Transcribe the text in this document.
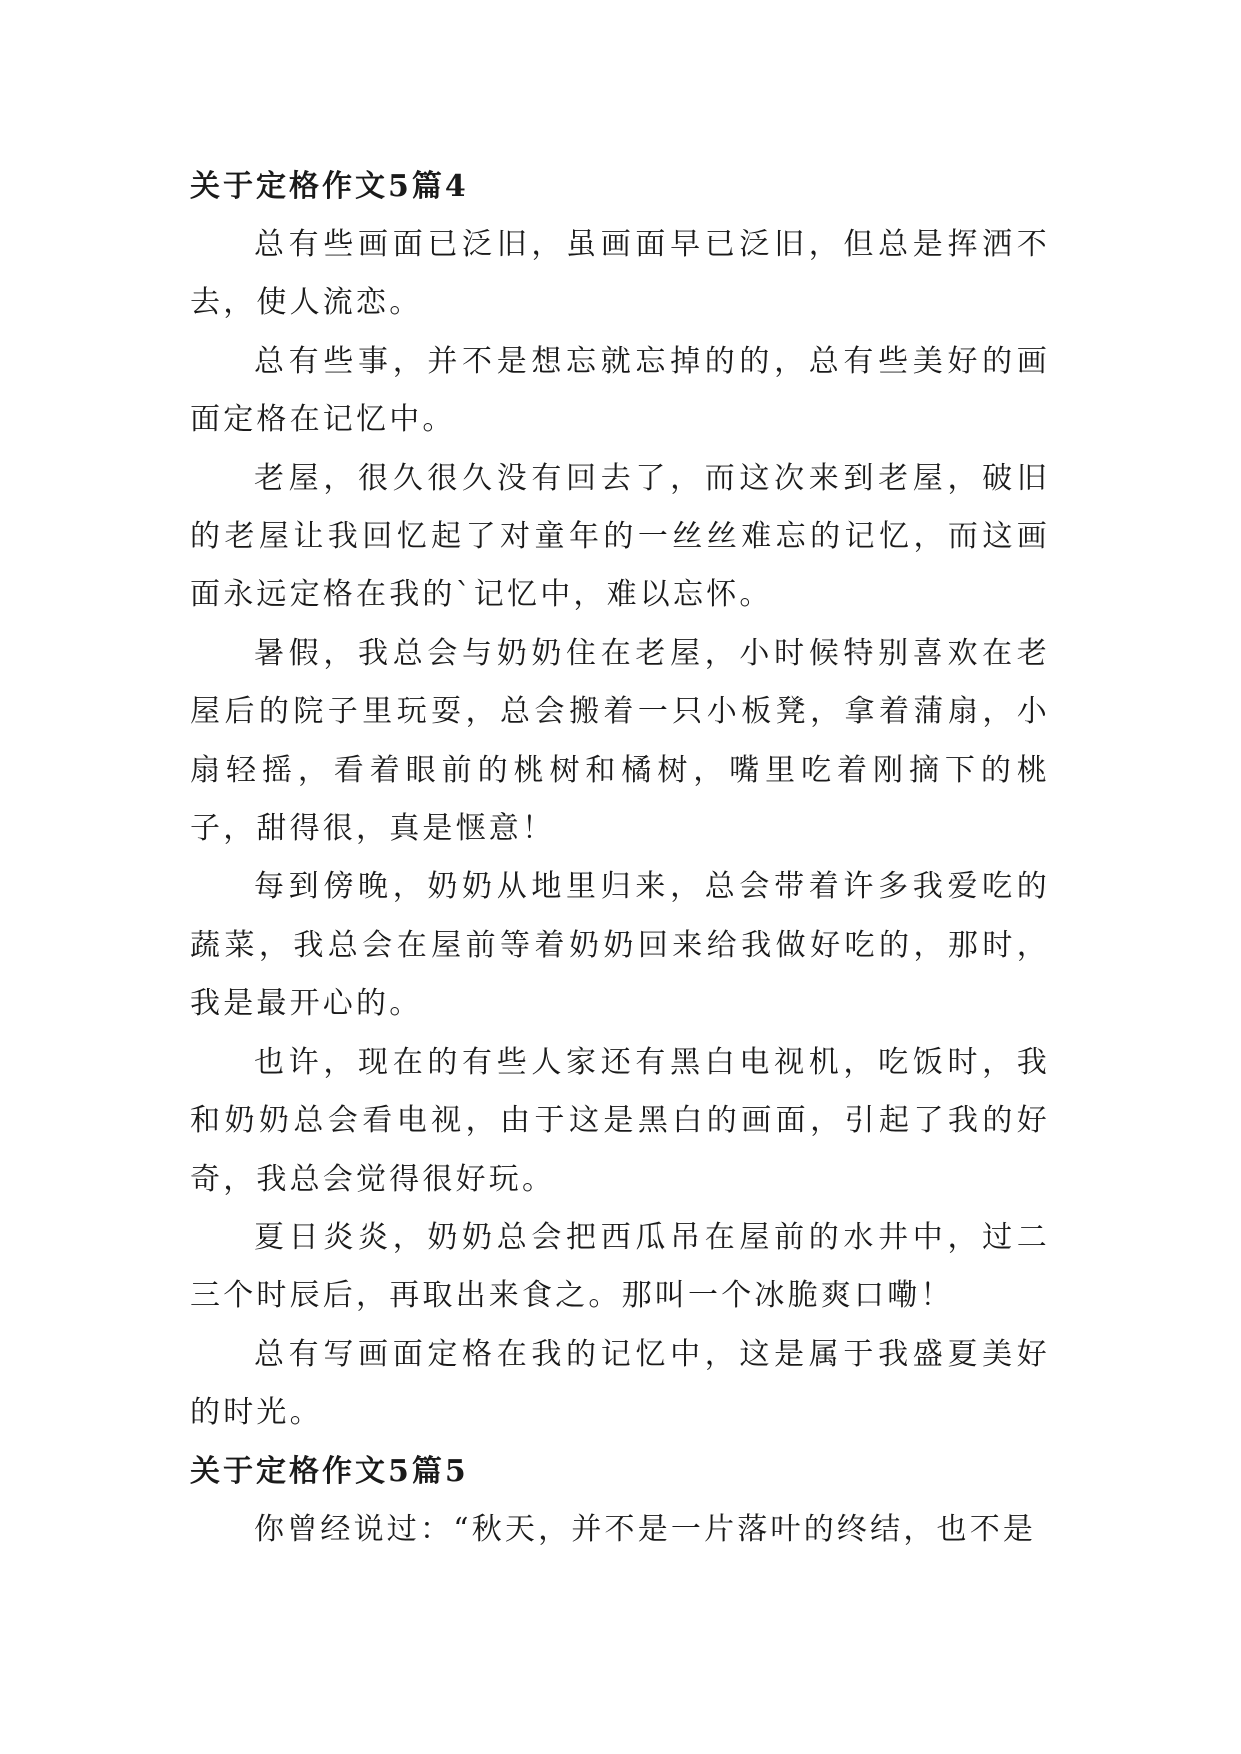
关于定格作文5篇4

总有些画面已泛旧，虽画面早已泛旧，但总是挥洒不去，使人流恋。

总有些事，并不是想忘就忘掉的的，总有些美好的画面定格在记忆中。

老屋，很久很久没有回去了，而这次来到老屋，破旧的老屋让我回忆起了对童年的一丝丝难忘的记忆，而这画面永远定格在我的`记忆中，难以忘怀。

暑假，我总会与奶奶住在老屋，小时候特别喜欢在老屋后的院子里玩耍，总会搬着一只小板凳，拿着蒲扇，小扇轻摇，看着眼前的桃树和橘树，嘴里吃着刚摘下的桃子，甜得很，真是惬意！

每到傍晚，奶奶从地里归来，总会带着许多我爱吃的蔬菜，我总会在屋前等着奶奶回来给我做好吃的，那时，我是最开心的。

也许，现在的有些人家还有黑白电视机，吃饭时，我和奶奶总会看电视，由于这是黑白的画面，引起了我的好奇，我总会觉得很好玩。

夏日炎炎，奶奶总会把西瓜吊在屋前的水井中，过二三个时辰后，再取出来食之。那叫一个冰脆爽口嘞！

总有写画面定格在我的记忆中，这是属于我盛夏美好的时光。

关于定格作文5篇5

你曾经说过：“秋天，并不是一片落叶的终结，也不是
